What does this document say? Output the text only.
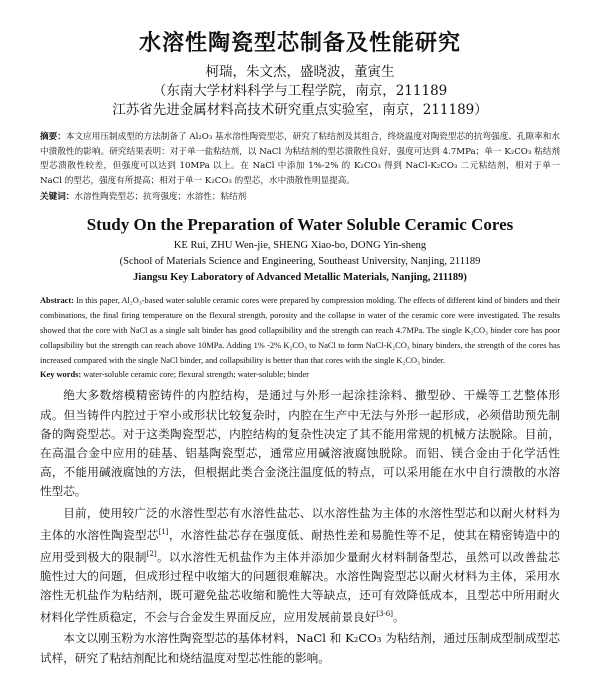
水溶性陶瓷型芯制备及性能研究

柯瑞，朱文杰，盛晓波，董寅生

（东南大学材料科学与工程学院，南京，211189

江苏省先进金属材料高技术研究重点实验室，南京，211189）

摘要：本文应用压制成型的方法制备了 Al₂O₃ 基水溶性陶瓷型芯，研究了粘结剂及其组合，终烧温度对陶瓷型芯的抗弯强度、孔隙率和水中溃散性的影响。研究结果表明：对于单一盐粘结剂，以 NaCl 为粘结剂的型芯溃散性良好，强度可达到 4.7MPa；单一 K₂CO₃ 粘结剂型芯溃散性较差，但强度可以达到 10MPa 以上。在 NaCl 中添加 1%-2% 的 K₂CO₃ 得到 NaCl-K₂CO₃ 二元粘结剂，相对于单一 NaCl 的型芯，强度有所提高；相对于单一 K₂CO₃ 的型芯，水中溃散性明显提高。

关键词：水溶性陶瓷型芯；抗弯强度；水溶性；粘结剂

Study On the Preparation of Water Soluble Ceramic Cores

KE Rui, ZHU Wen-jie, SHENG Xiao-bo, DONG Yin-sheng

(School of Materials Science and Engineering, Southeast University, Nanjing, 211189

Jiangsu Key Laboratory of Advanced Metallic Materials, Nanjing, 211189)

Abstract: In this paper, Al₂O₃-based water soluble ceramic cores were prepared by compression molding. The effects of different kind of binders and their combinations, the final firing temperature on the flexural strength, porosity and the collapse in water of the ceramic core were investigated. The results showed that the core with NaCl as a single salt binder has good collapsibility and the strength can reach 4.7MPa. The single K₂CO₃ binder core has poor collapsibility but the strength can reach above 10MPa. Adding 1% -2% K₂CO₃ to NaCl to form NaCl-K₂CO₃ binary binders, the strength of the cores has increased compared with the single NaCl binder, and collapsibility is better than that cores with the single K₂CO₃ binder.

Key words: water-soluble ceramic core; flexural strength; water-soluble; binder

绝大多数熔模精密铸件的内腔结构，是通过与外形一起涂挂涂料、撒型砂、干燥等工艺整体形成。但当铸件内腔过于窄小或形状比较复杂时，内腔在生产中无法与外形一起形成，必须借助预先制备的陶瓷型芯。对于这类陶瓷型芯，内腔结构的复杂性决定了其不能用常规的机械方法脱除。目前，在高温合金中应用的硅基、铝基陶瓷型芯，通常应用碱溶液腐蚀脱除。而铝、镁合金由于化学活性高，不能用碱液腐蚀的方法，但根据此类合金浇注温度低的特点，可以采用能在水中自行溃散的水溶性型芯。

目前，使用较广泛的水溶性型芯有水溶性盐芯、以水溶性盐为主体的水溶性型芯和以耐火材料为主体的水溶性陶瓷型芯[1]，水溶性盐芯存在强度低、耐热性差和易脆性等不足，使其在精密铸造中的应用受到极大的限制[2]。以水溶性无机盐作为主体并添加少量耐火材料制备型芯，虽然可以改善盐芯脆性过大的问题，但成形过程中收缩大的问题很难解决。水溶性陶瓷型芯以耐火材料为主体，采用水溶性无机盐作为粘结剂，既可避免盐芯收缩和脆性大等缺点，还可有效降低成本，且型芯中所用耐火材料化学性质稳定，不会与合金发生界面反应，应用发展前景良好[3-6]。

本文以刚玉粉为水溶性陶瓷型芯的基体材料，NaCl 和 K₂CO₃ 为粘结剂，通过压制成型制成型芯试样，研究了粘结剂配比和烧结温度对型芯性能的影响。
